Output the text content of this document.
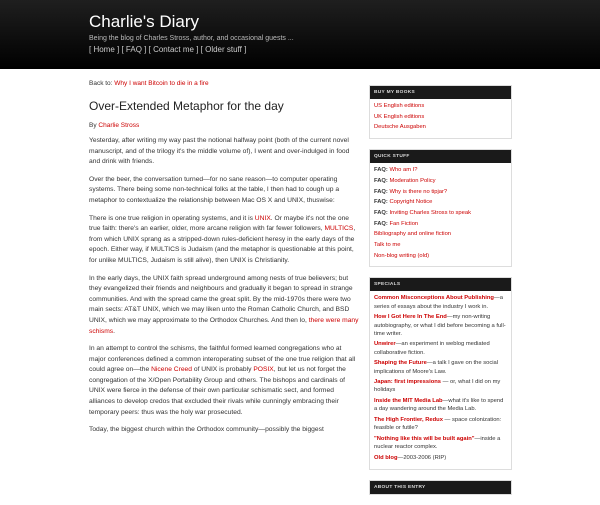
Charlie's Diary
Being the blog of Charles Stross, author, and occasional guests ...
[ Home ] [ FAQ ] [ Contact me ] [ Older stuff ]
Back to: Why I want Bitcoin to die in a fire
Over-Extended Metaphor for the day
By Charlie Stross

Yesterday, after writing my way past the notional halfway point (both of the current novel manuscript, and of the trilogy it's the middle volume of), I went and over-indulged in food and drink with friends.

Over the beer, the conversation turned—for no sane reason—to computer operating systems. There being some non-technical folks at the table, I then had to cough up a metaphor to contextualize the relationship between Mac OS X and UNIX, thuswise:

There is one true religion in operating systems, and it is UNIX. Or maybe it's not the one true faith: there's an earlier, older, more arcane religion with far fewer followers, MULTICS, from which UNIX sprang as a stripped-down rules-deficient heresy in the early days of the epoch. Either way, if MULTICS is Judaism (and the metaphor is questionable at this point, for unlike MULTICS, Judaism is still alive), then UNIX is Christianity.

In the early days, the UNIX faith spread underground among nests of true believers; but they evangelized their friends and neighbours and gradually it began to spread in strange communities. And with the spread came the great split. By the mid-1970s there were two main sects: AT&T UNIX, which we may liken unto the Roman Catholic Church, and BSD UNIX, which we may approximate to the Orthodox Churches. And then lo, there were many schisms.

In an attempt to control the schisms, the faithful formed learned congregations who at major conferences defined a common interoperating subset of the one true religion that all could agree on—the Nicene Creed of UNIX is probably POSIX, but let us not forget the congregation of the X/Open Portability Group and others. The bishops and cardinals of UNIX were fierce in the defense of their own particular schismatic sect, and formed alliances to develop credos that excluded their rivals while cunningly embracing their temporary peers: thus was the holy war prosecuted.

Today, the biggest church within the Orthodox community—possibly the biggest

BUY MY BOOKS
US English editions
UK English editions
Deutsche Ausgaben
QUICK STUFF
FAQ: Who am I?
FAQ: Moderation Policy
FAQ: Why is there no tipjar?
FAQ: Copyright Notice
FAQ: Inviting Charles Stross to speak
FAQ: Fan Fiction
Bibliography and online fiction
Talk to me
Non-blog writing (old)
SPECIALS
Common Misconceptions About Publishing—a series of essays about the industry I work in.
How I Got Here In The End—my non-writing autobiography, or what I did before becoming a full-time writer.
Unwirer—an experiment in weblog mediated collaborative fiction.
Shaping the Future—a talk I gave on the social implications of Moore's Law.
Japan: first impressions — or, what I did on my holidays
Inside the MIT Media Lab—what it's like to spend a day wandering around the Media Lab.
The High Frontier, Redux — space colonization: feasible or futile?
"Nothing like this will be built again"—inside a nuclear reactor complex.
Old blog—2003-2006 (RIP)
ABOUT THIS ENTRY
